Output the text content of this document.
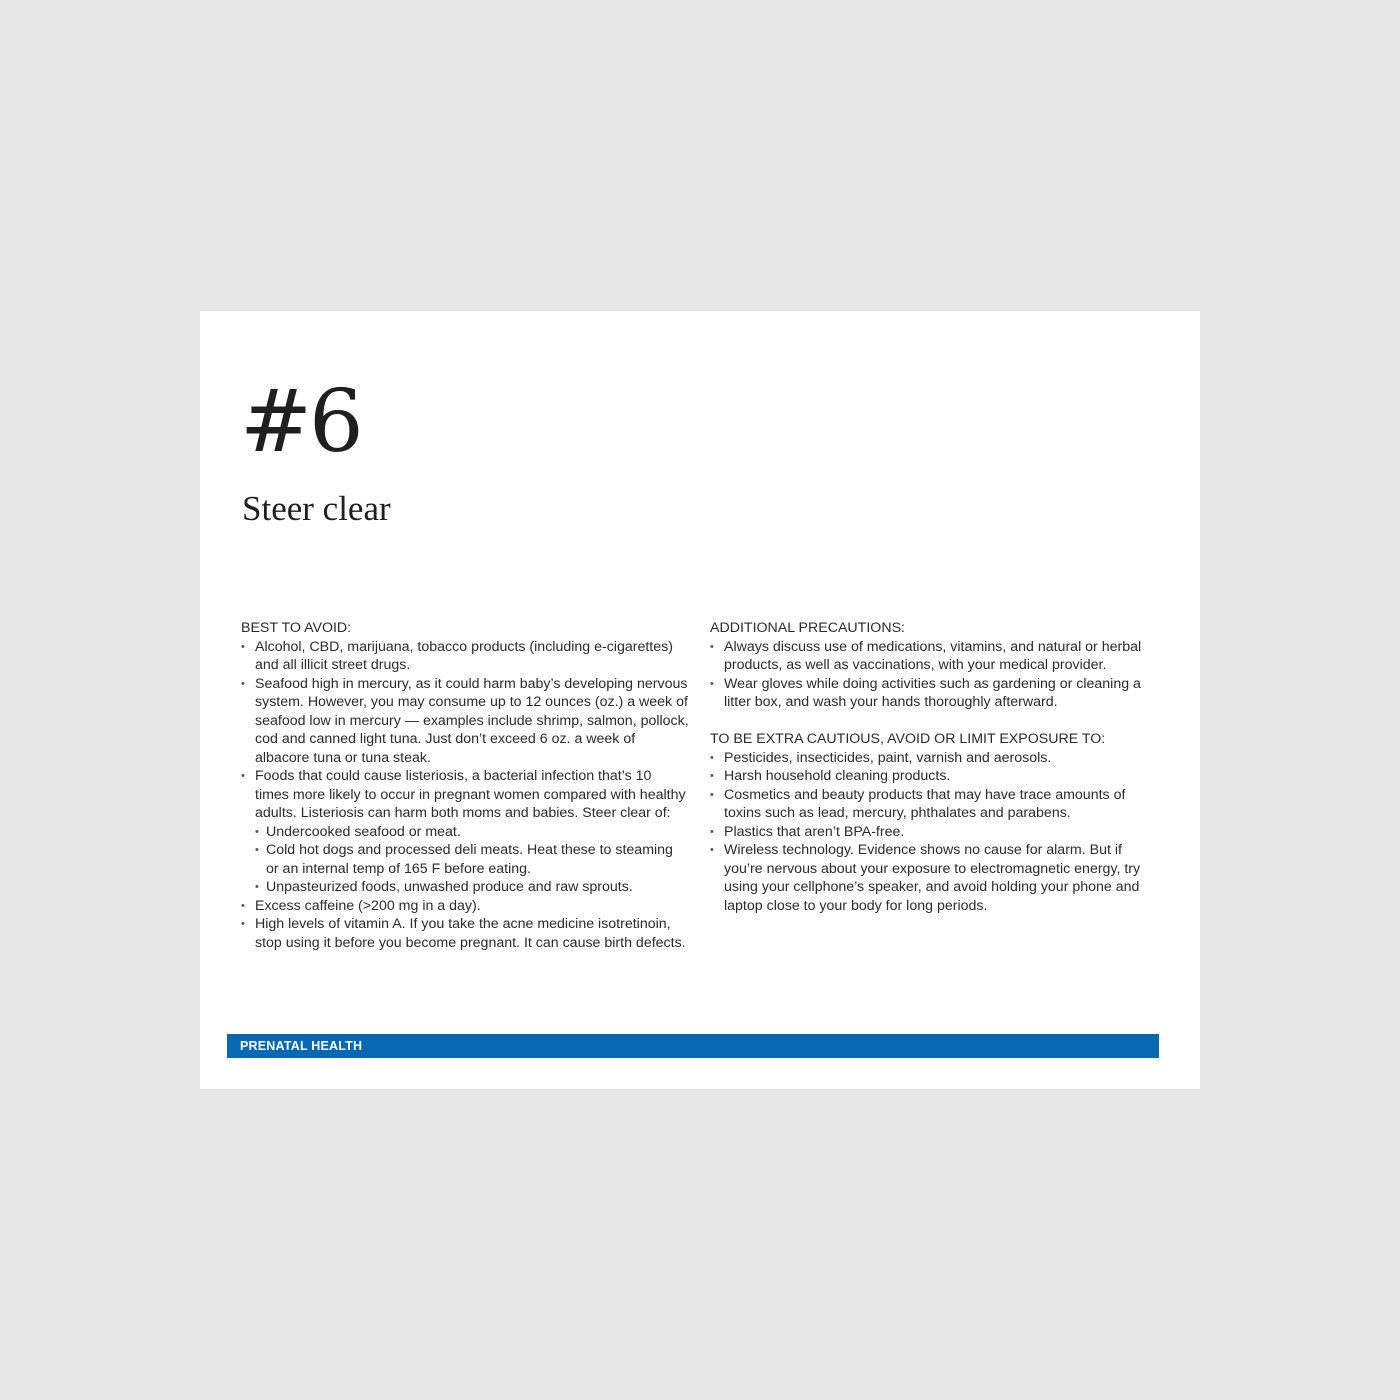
#6
Steer clear

BEST TO AVOID:

• Alcohol, CBD, marijuana, tobacco products (including e-cigarettes) and all illicit street drugs.
• Seafood high in mercury, as it could harm baby’s developing nervous system. However, you may consume up to 12 ounces (oz.) a week of seafood low in mercury — examples include shrimp, salmon, pollock, cod and canned light tuna. Just don’t exceed 6 oz. a week of albacore tuna or tuna steak.
• Foods that could cause listeriosis, a bacterial infection that’s 10 times more likely to occur in pregnant women compared with healthy adults. Listeriosis can harm both moms and babies. Steer clear of:
• Undercooked seafood or meat.
• Cold hot dogs and processed deli meats. Heat these to steaming or an internal temp of 165 F before eating.
• Unpasteurized foods, unwashed produce and raw sprouts.
• Excess caffeine (>200 mg in a day).
• High levels of vitamin A. If you take the acne medicine isotretinoin, stop using it before you become pregnant. It can cause birth defects.

ADDITIONAL PRECAUTIONS:

• Always discuss use of medications, vitamins, and natural or herbal products, as well as vaccinations, with your medical provider.
• Wear gloves while doing activities such as gardening or cleaning a litter box, and wash your hands thoroughly afterward.

TO BE EXTRA CAUTIOUS, AVOID OR LIMIT EXPOSURE TO:

• Pesticides, insecticides, paint, varnish and aerosols.
• Harsh household cleaning products.
• Cosmetics and beauty products that may have trace amounts of toxins such as lead, mercury, phthalates and parabens.
• Plastics that aren’t BPA-free.
• Wireless technology. Evidence shows no cause for alarm. But if you’re nervous about your exposure to electromagnetic energy, try using your cellphone’s speaker, and avoid holding your phone and laptop close to your body for long periods.
PRENATAL HEALTH
